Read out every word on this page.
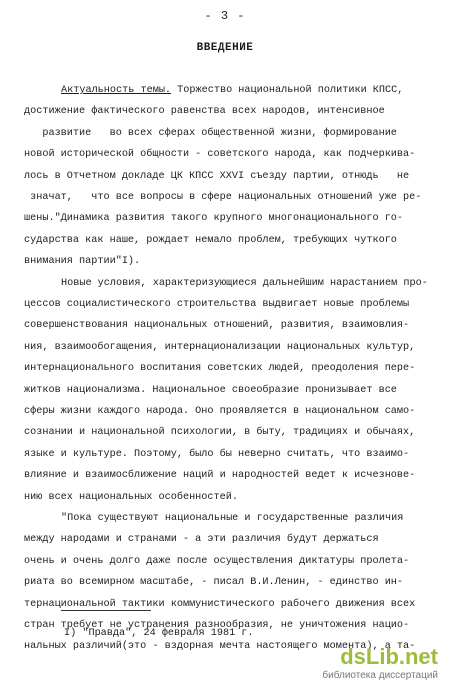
- 3 -
ВВЕДЕНИЕ
Актуальность темы. Торжество национальной политики КПСС,
достижение фактического равенства всех народов, интенсивное
развитие   во всех сферах общественной жизни, формирование
новой исторической общности - советского народа, как подчеркива-
лось в Отчетном докладе ЦК КПСС XXVI съезду партии, отнюдь   не
значат,   что все вопросы в сфере национальных отношений уже ре-
шены."Динамика развития такого крупного многонационального го-
сударства как наше, рождает немало проблем, требующих чуткого
внимания партии"I).
Новые условия, характеризующиеся дальнейшим нарастанием про-
цессов социалистического строительства выдвигает новые проблемы
совершенствования национальных отношений, развития, взаимовлия-
ния, взаимообогащения, интернационализации национальных культур,
интернационального воспитания советских людей, преодоления пере-
житков национализма. Национальное своеобразие пронизывает все
сферы жизни каждого народа. Оно проявляется в национальном само-
сознании и национальной психологии, в быту, традициях и обычаях,
языке и культуре. Поэтому, было бы неверно считать, что взаимо-
влияние и взаимосближение наций и народностей ведет к исчезнове-
нию всех национальных особенностей.
"Пока существуют национальные и государственные различия
между народами и странами - а эти различия будут держаться
очень и очень долго даже после осуществления диктатуры пролета-
риата во всемирном масштабе, - писал В.И.Ленин, - единство ин-
тернациональной тактики коммунистического рабочего движения всех
стран требует не устранения разнообразия, не уничтожения нацио-
нальных различий(это - вздорная мечта настоящего момента), а та-
I) "Правда", 24 февраля 1981 г.
dsLib.net
библиотека диссертаций
